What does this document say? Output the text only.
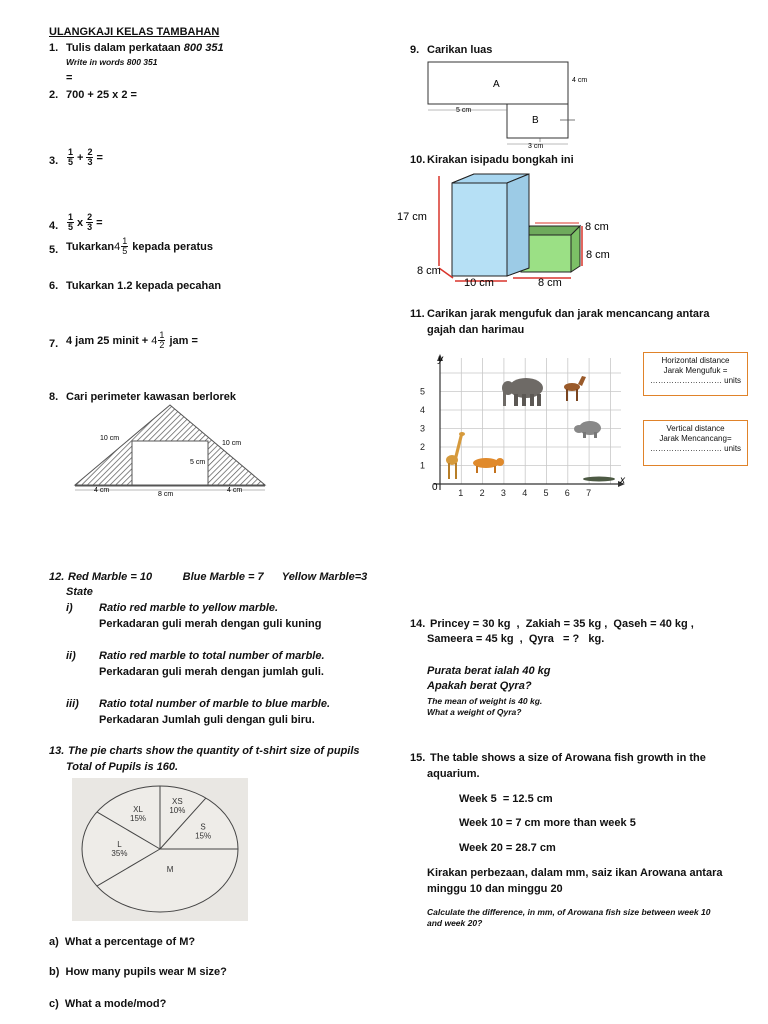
ULANGKAJI KELAS TAMBAHAN
1. Tulis dalam perkataan 800 351
Write in words 800 351
=
2. 700 + 25 x 2 =
3. $\frac{1}{5} + \frac{2}{3}$ =
4. $\frac{1}{5}$ x $\frac{2}{3}$ =
5. Tukarkan $4 \frac{1}{5}$ kepada peratus
6. Tukarkan 1.2 kepada pecahan
7. 4 jam 25 minit + $4 \frac{1}{2}$ jam =
8. Cari perimeter kawasan berlorek
10 cm
10 cm
5 cm
4 cm
8 cm
4 cm
12. Red Marble = 10          Blue Marble = 7      Yellow Marble=3
State
i) Ratio red marble to yellow marble.
Perkadaran guli merah dengan guli kuning
ii) Ratio red marble to total number of marble.
Perkadaran guli merah dengan jumlah guli.
iii) Ratio total number of marble to blue marble.
Perkadaran Jumlah guli dengan guli biru.
13. The pie charts show the quantity of t-shirt size of pupils
Total of Pupils is 160.
XS
10%
S
15%
M
L
35%
XL
15%
a)  What a percentage of M?
b)  How many pupils wear M size?
c)  What a mode/mod?
9. Carikan luas
A	4 cm
5 cm
B
3 cm
10. Kirakan isipadu bongkah ini
17 cm
8 cm
10 cm	8 cm
8 cm
8 cm
11. Carikan jarak mengufuk dan jarak mencancang antara
gajah dan harimau
y
x
0 1 2 3 4 5 6 7
1
2
3
4
5
Horizontal distance
Jarak Mengufuk =
……………………… units
Vertical distance
Jarak Mencancang=
……………………… units
14. Princey = 30 kg  ,  Zakiah = 35 kg ,  Qaseh = 40 kg ,
Sameera = 45 kg  ,  Qyra   = ?   kg.
Purata berat ialah 40 kg
Apakah berat Qyra?
The mean of weight is 40 kg.
What a weight of Qyra?
15. The table shows a size of Arowana fish growth in the
aquarium.
Week 5  = 12.5 cm
Week 10 = 7 cm more than week 5
Week 20 = 28.7 cm
Kirakan perbezaan, dalam mm, saiz ikan Arowana antara
minggu 10 dan minggu 20
Calculate the difference, in mm, of Arowana fish size between week 10
and week 20?
